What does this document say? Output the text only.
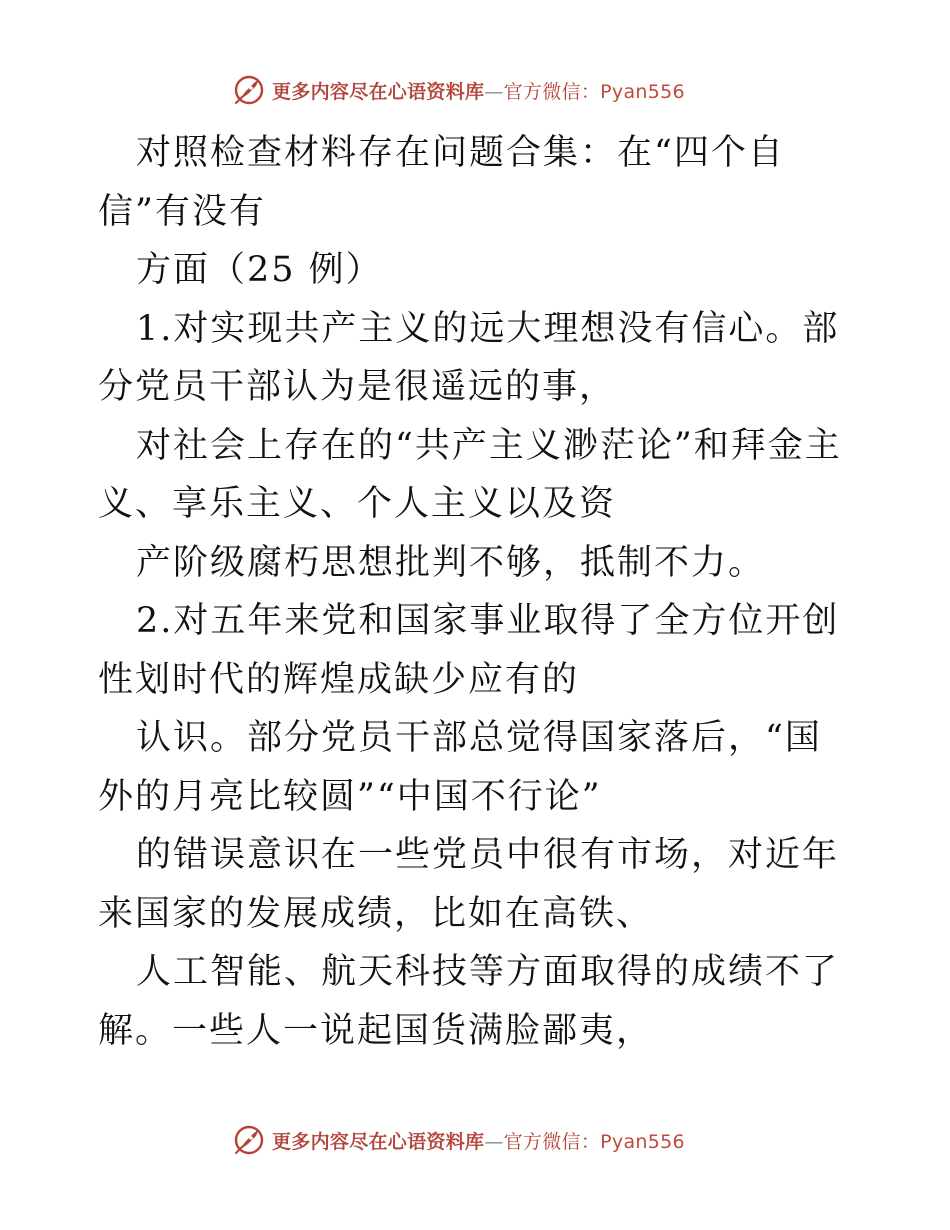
更多内容尽在心语资料库—官方微信：Pyan556

对照检查材料存在问题合集：在“四个自信”有没有

方面（25 例）

1.对实现共产主义的远大理想没有信心。部分党员干部认为是很遥远的事，

对社会上存在的“共产主义渺茫论”和拜金主义、享乐主义、个人主义以及资

产阶级腐朽思想批判不够，抵制不力。

2.对五年来党和国家事业取得了全方位开创性划时代的辉煌成缺少应有的

认识。部分党员干部总觉得国家落后，“国外的月亮比较圆”“中国不行论”

的错误意识在一些党员中很有市场，对近年来国家的发展成绩，比如在高铁、

人工智能、航天科技等方面取得的成绩不了解。一些人一说起国货满脸鄙夷，

更多内容尽在心语资料库—官方微信：Pyan556
